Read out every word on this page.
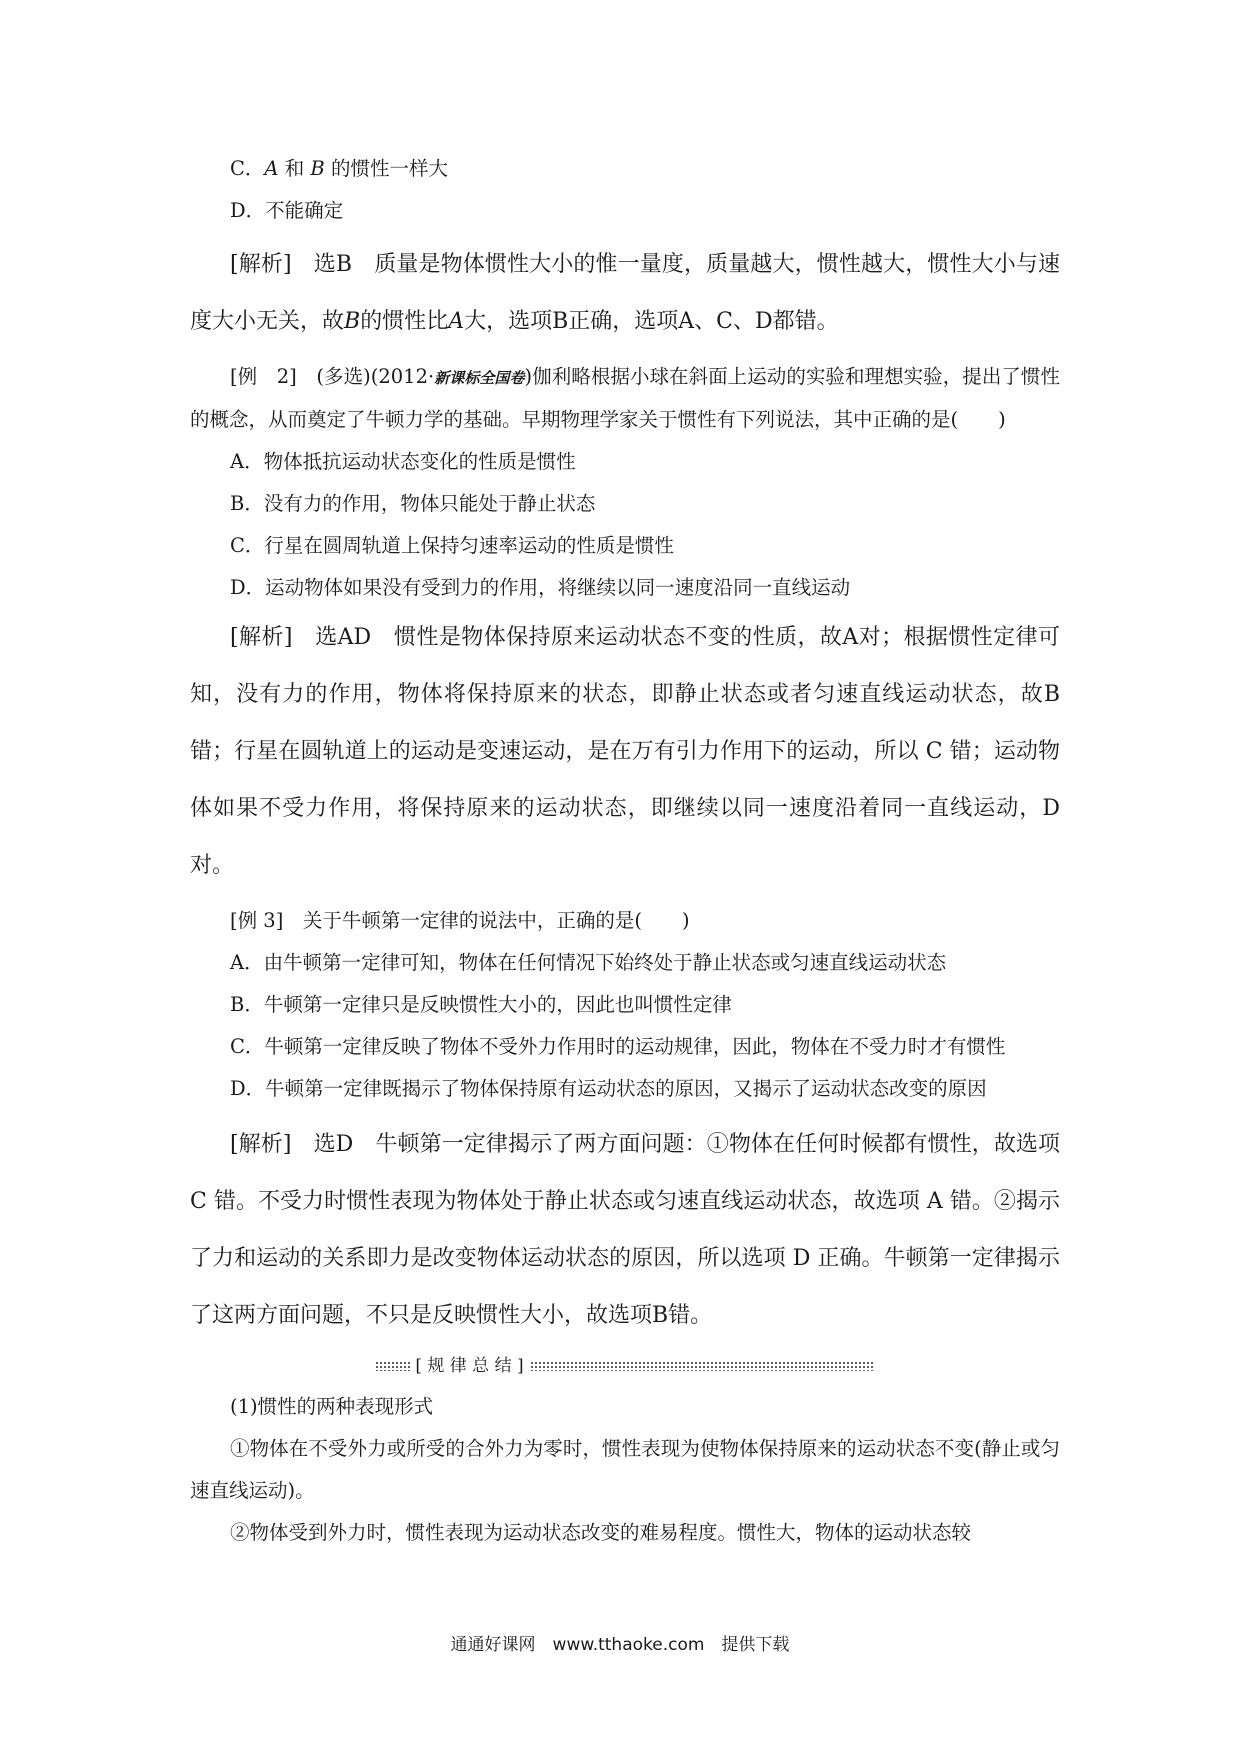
C．A 和 B 的惯性一样大

D．不能确定

[解析]　选B　质量是物体惯性大小的惟一量度，质量越大，惯性越大，惯性大小与速度大小无关，故B的惯性比A大，选项B正确，选项A、C、D都错。

[例　2]　(多选)(2012·新课标全国卷)伽利略根据小球在斜面上运动的实验和理想实验，提出了惯性的概念，从而奠定了牛顿力学的基础。早期物理学家关于惯性有下列说法，其中正确的是( )

A．物体抵抗运动状态变化的性质是惯性

B．没有力的作用，物体只能处于静止状态

C．行星在圆周轨道上保持匀速率运动的性质是惯性

D．运动物体如果没有受到力的作用，将继续以同一速度沿同一直线运动

[解析]　选AD　惯性是物体保持原来运动状态不变的性质，故A对；根据惯性定律可知，没有力的作用，物体将保持原来的状态，即静止状态或者匀速直线运动状态，故B错；行星在圆轨道上的运动是变速运动，是在万有引力作用下的运动，所以 C 错；运动物体如果不受力作用，将保持原来的运动状态，即继续以同一速度沿着同一直线运动，D对。

[例 3]　关于牛顿第一定律的说法中，正确的是( )

A．由牛顿第一定律可知，物体在任何情况下始终处于静止状态或匀速直线运动状态

B．牛顿第一定律只是反映惯性大小的，因此也叫惯性定律

C．牛顿第一定律反映了物体不受外力作用时的运动规律，因此，物体在不受力时才有惯性

D．牛顿第一定律既揭示了物体保持原有运动状态的原因，又揭示了运动状态改变的原因

[解析]　选D　牛顿第一定律揭示了两方面问题：①物体在任何时候都有惯性，故选项C 错。不受力时惯性表现为物体处于静止状态或匀速直线运动状态，故选项 A 错。②揭示了力和运动的关系即力是改变物体运动状态的原因，所以选项 D 正确。牛顿第一定律揭示了这两方面问题，不只是反映惯性大小，故选项B错。

[ 规 律 总 结 ]

(1)惯性的两种表现形式

①物体在不受外力或所受的合外力为零时，惯性表现为使物体保持原来的运动状态不变(静止或匀速直线运动)。

②物体受到外力时，惯性表现为运动状态改变的难易程度。惯性大，物体的运动状态较

通通好课网　www.tthaoke.com　提供下载
